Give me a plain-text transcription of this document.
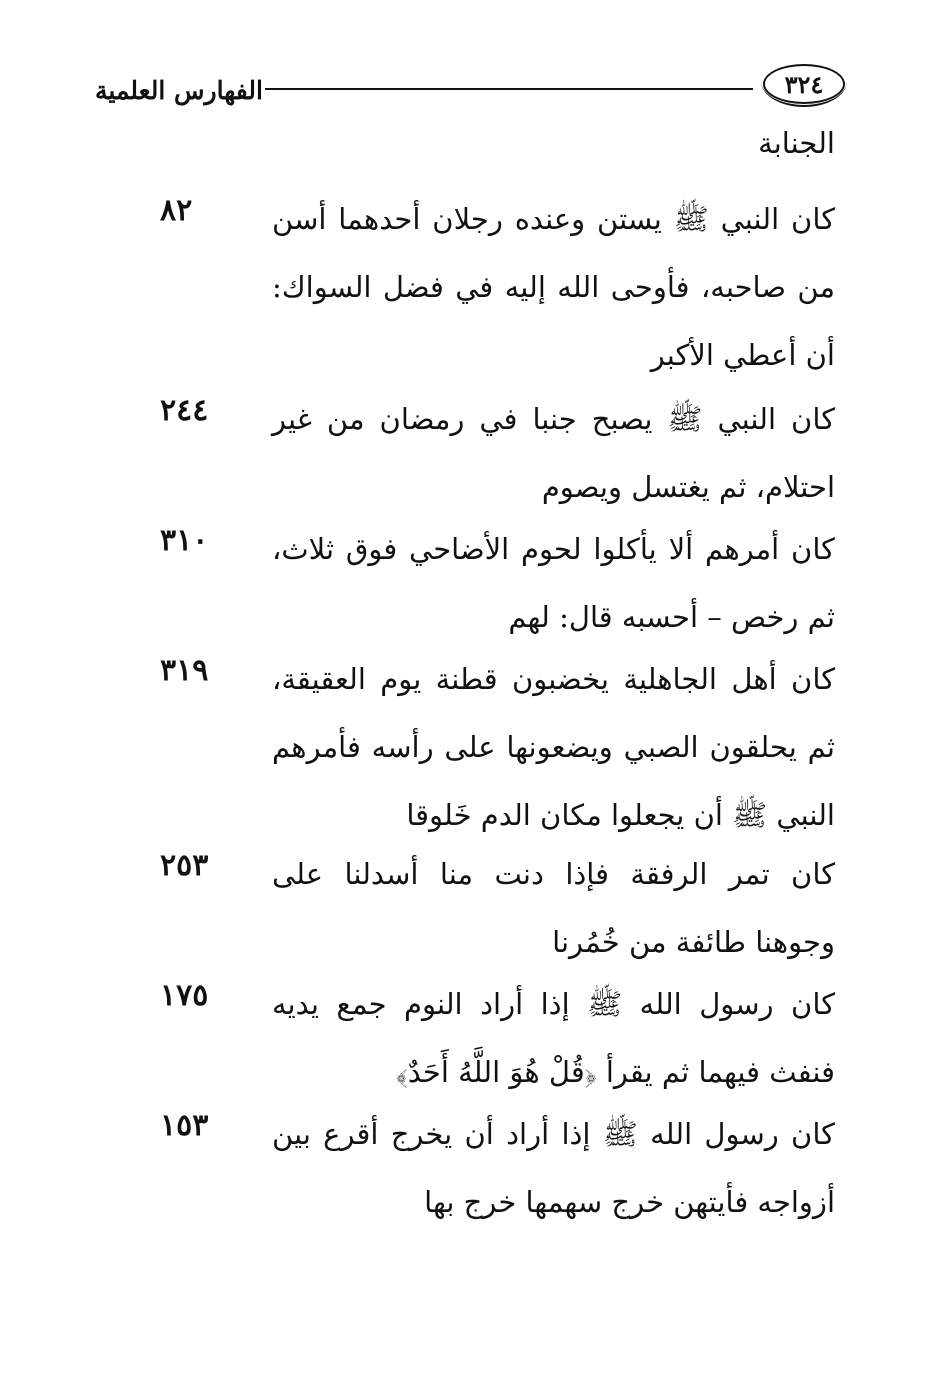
الفهارس العلمية	٣٢٤
الجنابة
كان النبي ﷺ يستن وعنده رجلان أحدهما أسن من صاحبه، فأوحى الله إليه في فضل السواك: أن أعطي الأكبر
٨٢
كان النبي ﷺ يصبح جنبا في رمضان من غير احتلام، ثم يغتسل ويصوم
٢٤٤
كان أمرهم ألا يأكلوا لحوم الأضاحي فوق ثلاث، ثم رخص – أحسبه قال: لهم
٣١٠
كان أهل الجاهلية يخضبون قطنة يوم العقيقة، ثم يحلقون الصبي ويضعونها على رأسه فأمرهم النبي ﷺ أن يجعلوا مكان الدم خَلوقا
٣١٩
كان تمر الرفقة فإذا دنت منا أسدلنا على وجوهنا طائفة من خُمُرنا
٢٥٣
كان رسول الله ﷺ إذا أراد النوم جمع يديه فنفث فيهما ثم يقرأ ﴿قُلْ هُوَ اللَّهُ أَحَدٌ﴾
١٧٥
كان رسول الله ﷺ إذا أراد أن يخرج أقرع بين أزواجه فأيتهن خرج سهمها خرج بها
١٥٣
